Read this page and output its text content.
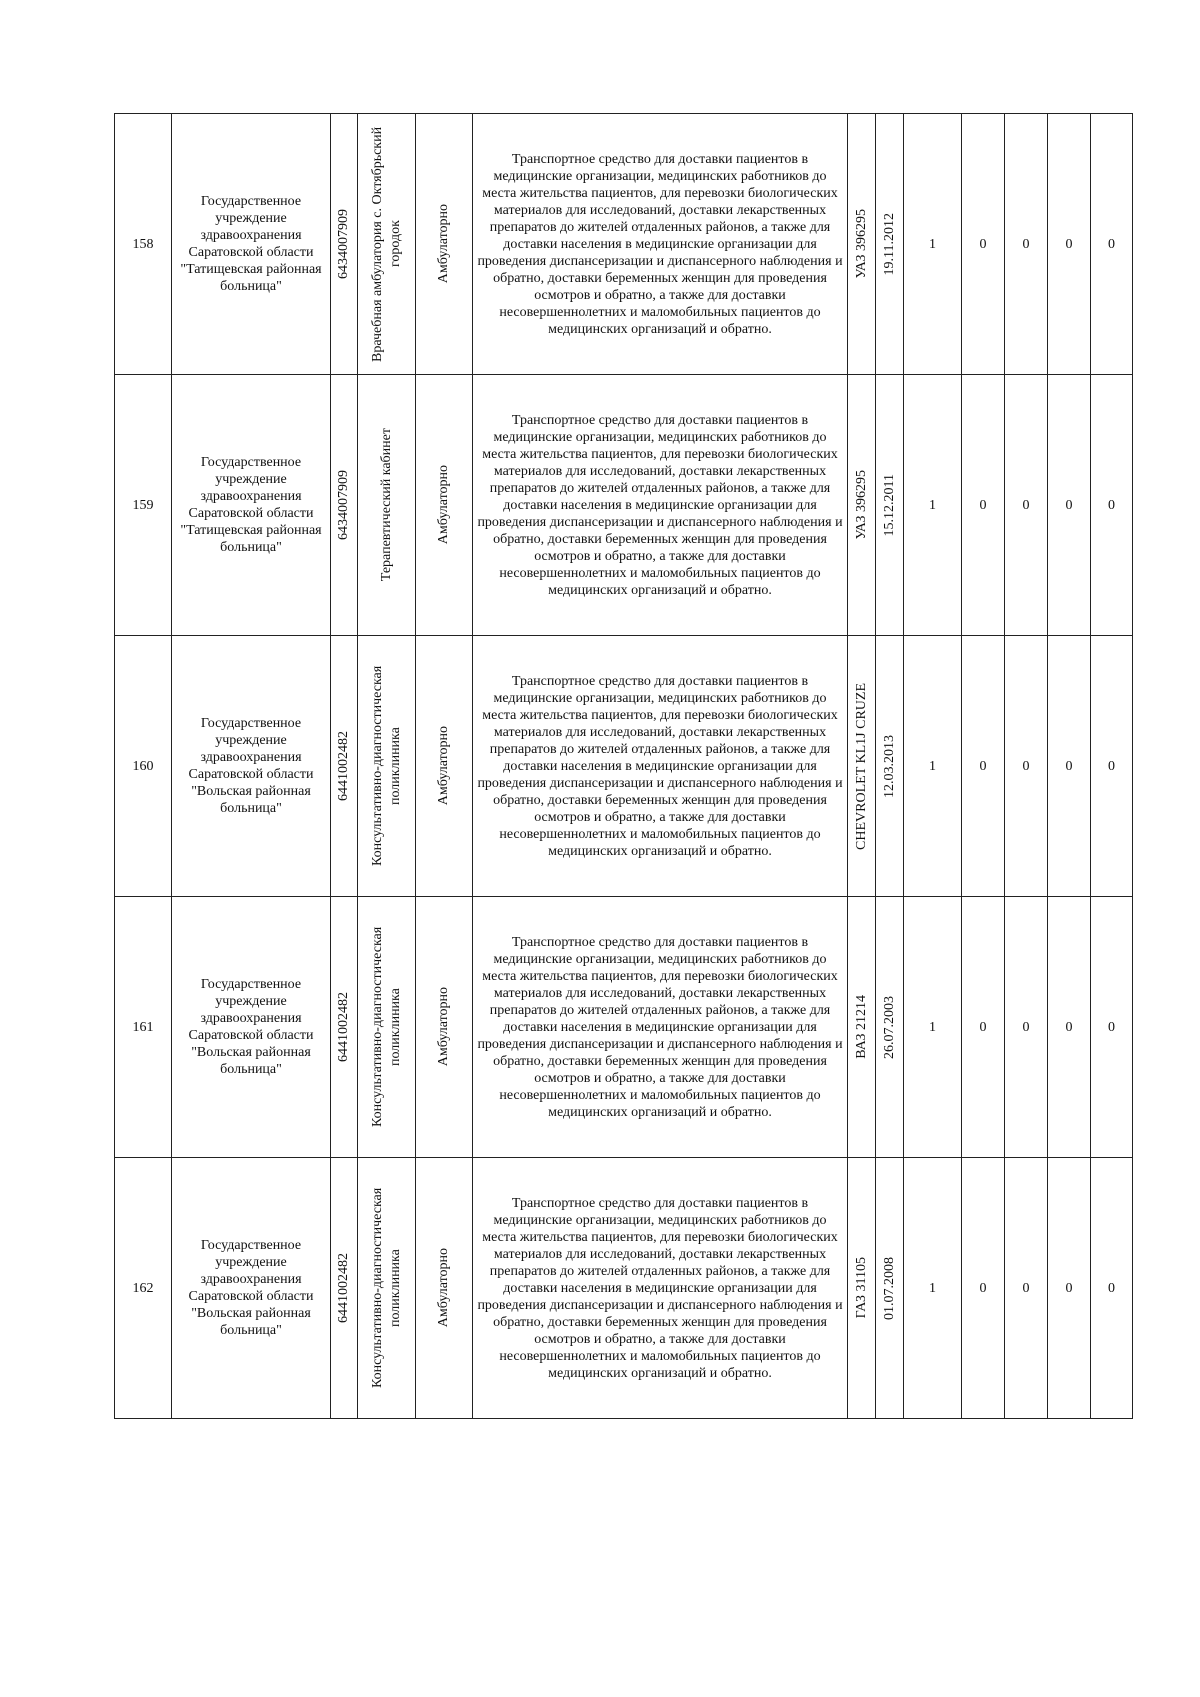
158	Государственное учреждение здравоохранения Саратовской области "Татищевская районная больница"	6434007909	Врачебная амбулатория с. Октябрьский городок	Амбулаторно	Транспортное средство для доставки пациентов в медицинские организации, медицинских работников до места жительства пациентов, для перевозки биологических материалов для исследований, доставки лекарственных препаратов до жителей отдаленных районов, а также для доставки населения в медицинские организации для проведения диспансеризации и диспансерного наблюдения и обратно, доставки беременных женщин для проведения осмотров и обратно, а также для доставки несовершеннолетних и маломобильных пациентов до медицинских организаций и обратно.	УАЗ 396295	19.11.2012	1	0	0	0	0
159	Государственное учреждение здравоохранения Саратовской области "Татищевская районная больница"	6434007909	Терапевтический кабинет	Амбулаторно	Транспортное средство для доставки пациентов в медицинские организации, медицинских работников до места жительства пациентов, для перевозки биологических материалов для исследований, доставки лекарственных препаратов до жителей отдаленных районов, а также для доставки населения в медицинские организации для проведения диспансеризации и диспансерного наблюдения и обратно, доставки беременных женщин для проведения осмотров и обратно, а также для доставки несовершеннолетних и маломобильных пациентов до медицинских организаций и обратно.	УАЗ 396295	15.12.2011	1	0	0	0	0
160	Государственное учреждение здравоохранения Саратовской области "Вольская районная больница"	6441002482	Консультативно-диагностическая поликлиника	Амбулаторно	Транспортное средство для доставки пациентов в медицинские организации, медицинских работников до места жительства пациентов, для перевозки биологических материалов для исследований, доставки лекарственных препаратов до жителей отдаленных районов, а также для доставки населения в медицинские организации для проведения диспансеризации и диспансерного наблюдения и обратно, доставки беременных женщин для проведения осмотров и обратно, а также для доставки несовершеннолетних и маломобильных пациентов до медицинских организаций и обратно.	CHEVROLET KL1J CRUZE	12.03.2013	1	0	0	0	0
161	Государственное учреждение здравоохранения Саратовской области "Вольская районная больница"	6441002482	Консультативно-диагностическая поликлиника	Амбулаторно	Транспортное средство для доставки пациентов в медицинские организации, медицинских работников до места жительства пациентов, для перевозки биологических материалов для исследований, доставки лекарственных препаратов до жителей отдаленных районов, а также для доставки населения в медицинские организации для проведения диспансеризации и диспансерного наблюдения и обратно, доставки беременных женщин для проведения осмотров и обратно, а также для доставки несовершеннолетних и маломобильных пациентов до медицинских организаций и обратно.	ВАЗ 21214	26.07.2003	1	0	0	0	0
162	Государственное учреждение здравоохранения Саратовской области "Вольская районная больница"	6441002482	Консультативно-диагностическая поликлиника	Амбулаторно	Транспортное средство для доставки пациентов в медицинские организации, медицинских работников до места жительства пациентов, для перевозки биологических материалов для исследований, доставки лекарственных препаратов до жителей отдаленных районов, а также для доставки населения в медицинские организации для проведения диспансеризации и диспансерного наблюдения и обратно, доставки беременных женщин для проведения осмотров и обратно, а также для доставки несовершеннолетних и маломобильных пациентов до медицинских организаций и обратно.	ГАЗ 31105	01.07.2008	1	0	0	0	0
